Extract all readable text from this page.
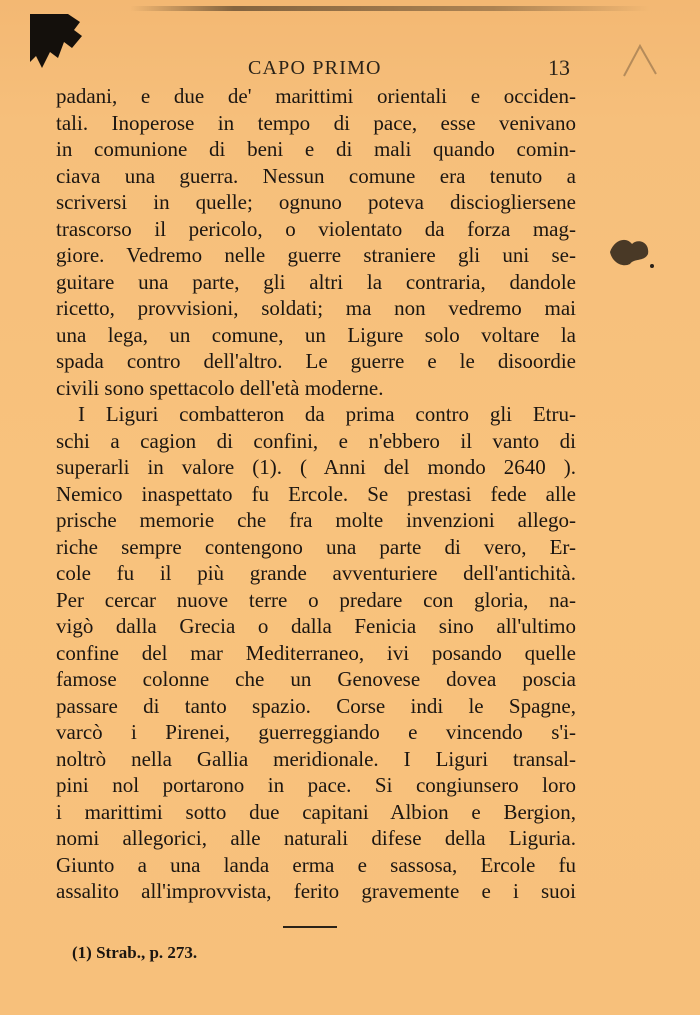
CAPO PRIMO	13
padani, e due de' marittimi orientali e occiden-
tali. Inoperose in tempo di pace, esse venivano
in comunione di beni e di mali quando comin-
ciava una guerra. Nessun comune era tenuto a
scriversi in quelle; ognuno poteva disciogliersene
trascorso il pericolo, o violentato da forza mag-
giore. Vedremo nelle guerre straniere gli uni se-
guitare una parte, gli altri la contraria, dandole
ricetto, provvisioni, soldati; ma non vedremo mai
una lega, un comune, un Ligure solo voltare la
spada contro dell'altro. Le guerre e le disoordie
civili sono spettacolo dell'età moderne.
I Liguri combatteron da prima contro gli Etru-
schi a cagion di confini, e n'ebbero il vanto di
superarli in valore (1). ( Anni del mondo 2640 ).
Nemico inaspettato fu Ercole. Se prestasi fede alle
prische memorie che fra molte invenzioni allego-
riche sempre contengono una parte di vero, Er-
cole fu il più grande avventuriere dell'antichità.
Per cercar nuove terre o predare con gloria, na-
vigò dalla Grecia o dalla Fenicia sino all'ultimo
confine del mar Mediterraneo, ivi posando quelle
famose colonne che un Genovese dovea poscia
passare di tanto spazio. Corse indi le Spagne,
varcò i Pirenei, guerreggiando e vincendo s'i-
noltrò nella Gallia meridionale. I Liguri transal-
pini nol portarono in pace. Si congiunsero loro
i marittimi sotto due capitani Albion e Bergion,
nomi allegorici, alle naturali difese della Liguria.
Giunto a una landa erma e sassosa, Ercole fu
assalito all'improvvista, ferito gravemente e i suoi
(1) Strab., p. 273.
